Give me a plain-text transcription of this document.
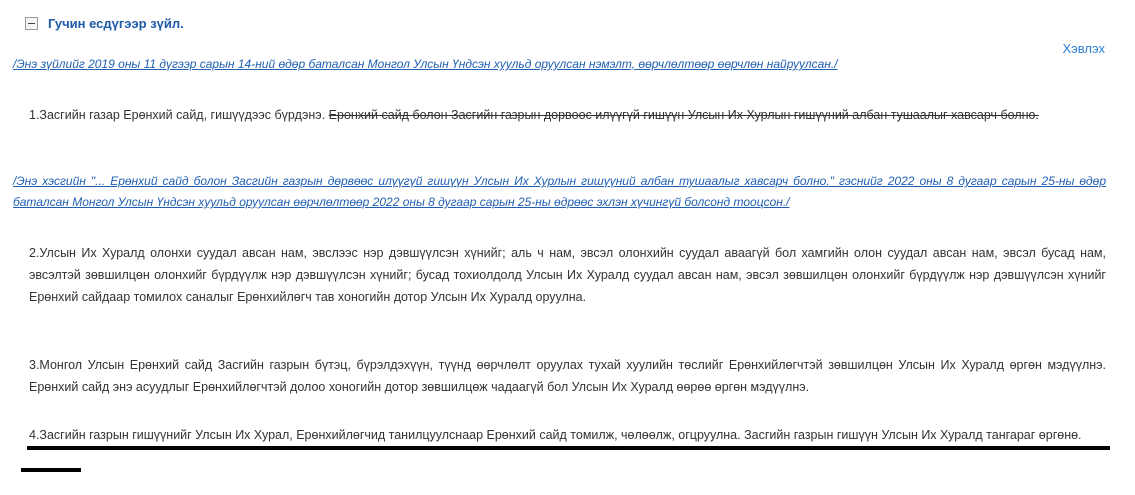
Гучин есдүгээр зүйл.
Хэвлэх
/Энэ зүйлийг 2019 оны 11 дүгээр сарын 14-ний өдөр баталсан Монгол Улсын Үндсэн хуульд оруулсан нэмэлт, өөрчлөлтөөр өөрчлөн найруулсан./
1.Засгийн газар Ерөнхий сайд, гишүүдээс бүрдэнэ. Ерөнхий сайд болон Засгийн газрын дөрвөөс илүүгүй гишүүн Улсын Их Хурлын гишүүний албан тушаалыг хавсарч болно.
/Энэ хэсгийн "... Ерөнхий сайд болон Засгийн газрын дөрвөөс илүүгүй гишүүн Улсын Их Хурлын гишүүний албан тушаалыг хавсарч болно." гэснийг 2022 оны 8 дугаар сарын 25-ны өдөр баталсан Монгол Улсын Үндсэн хуульд оруулсан өөрчлөлтөөр 2022 оны 8 дугаар сарын 25-ны өдрөөс эхлэн хүчингүй болсонд тооцсон./
2.Улсын Их Хуралд олонхи суудал авсан нам, эвслээс нэр дэвшүүлсэн хүнийг; аль ч нам, эвсэл олонхийн суудал аваагүй бол хамгийн олон суудал авсан нам, эвсэл бусад нам, эвсэлтэй зөвшилцөн олонхийг бүрдүүлж нэр дэвшүүлсэн хүнийг; бусад тохиолдолд Улсын Их Хуралд суудал авсан нам, эвсэл зөвшилцөн олонхийг бүрдүүлж нэр дэвшүүлсэн хүнийг Ерөнхий сайдаар томилох саналыг Ерөнхийлөгч тав хоногийн дотор Улсын Их Хуралд оруулна.
3.Монгол Улсын Ерөнхий сайд Засгийн газрын бүтэц, бүрэлдэхүүн, түүнд өөрчлөлт оруулах тухай хуулийн төслийг Ерөнхийлөгчтэй зөвшилцөн Улсын Их Хуралд өргөн мэдүүлнэ. Ерөнхий сайд энэ асуудлыг Ерөнхийлөгчтэй долоо хоногийн дотор зөвшилцөж чадаагүй бол Улсын Их Хуралд өөрөө өргөн мэдүүлнэ.
4.Засгийн газрын гишүүнийг Улсын Их Хурал, Ерөнхийлөгчид танилцуулснаар Ерөнхий сайд томилж, чөлөөлж, огцруулна. Засгийн газрын гишүүн Улсын Их Хуралд тангараг өргөнө.
